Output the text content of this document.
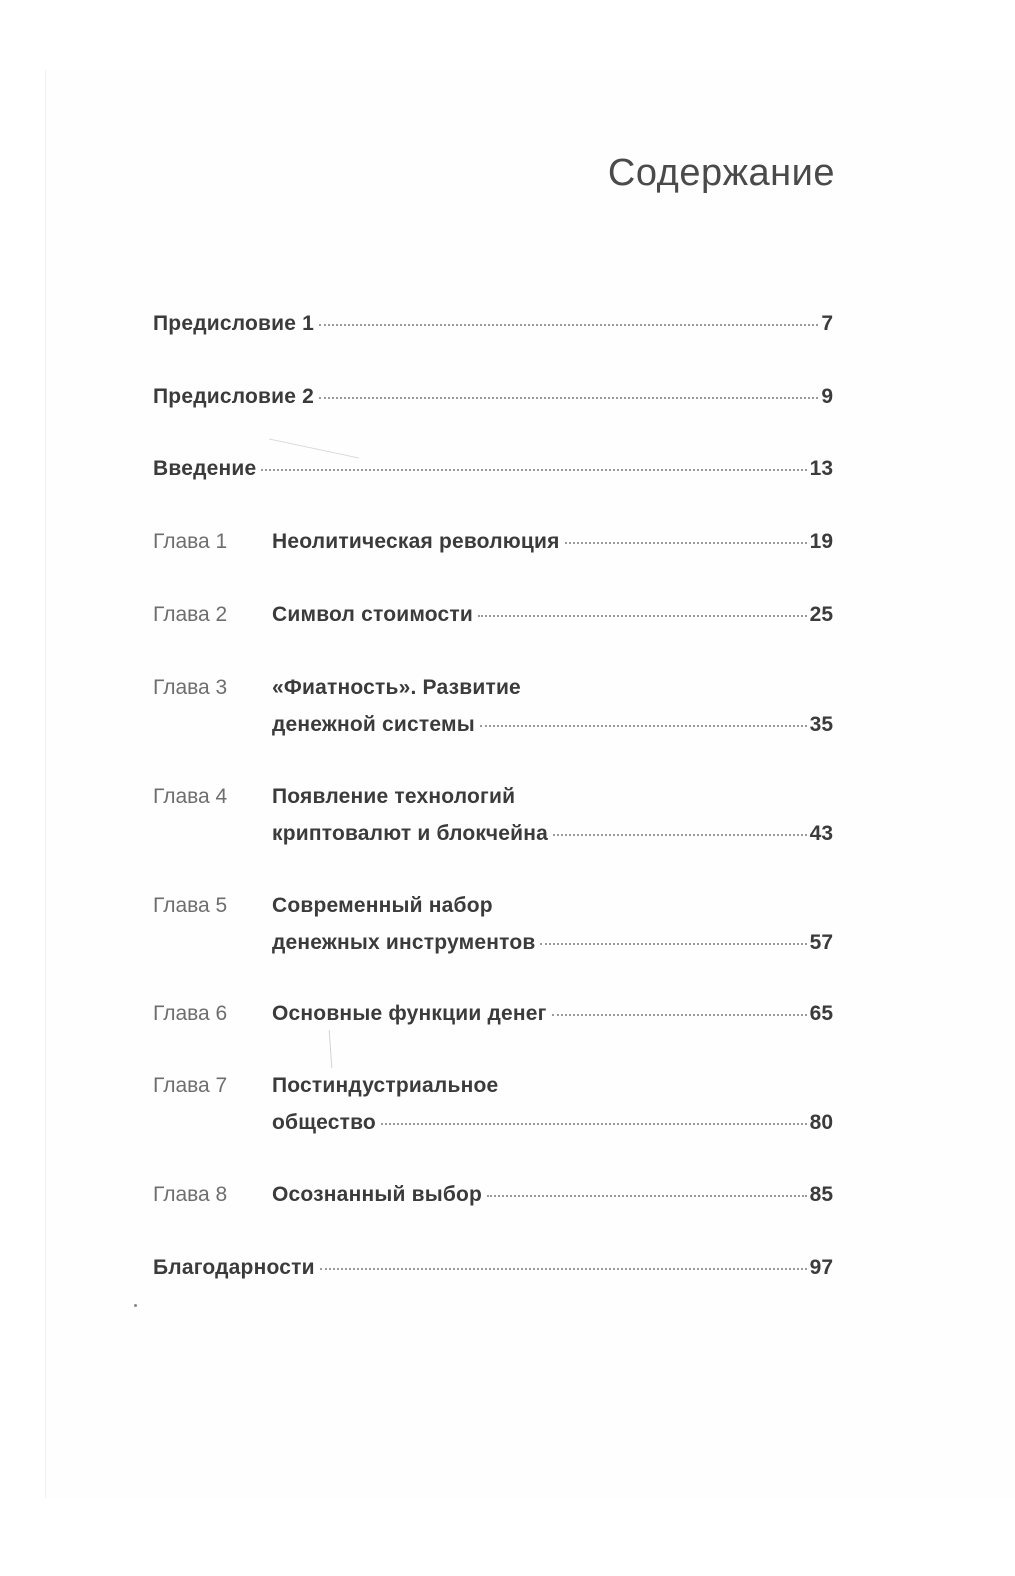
Содержание
Предисловие 1	7
Предисловие 2	9
Введение	13
Глава 1 Неолитическая революция	19
Глава 2 Символ стоимости	25
Глава 3 «Фиатность». Развитие
денежной системы	35
Глава 4 Появление технологий
криптовалют и блокчейна	43
Глава 5 Современный набор
денежных инструментов	57
Глава 6 Основные функции денег	65
Глава 7 Постиндустриальное
общество	80
Глава 8 Осознанный выбор	85
Благодарности	97
